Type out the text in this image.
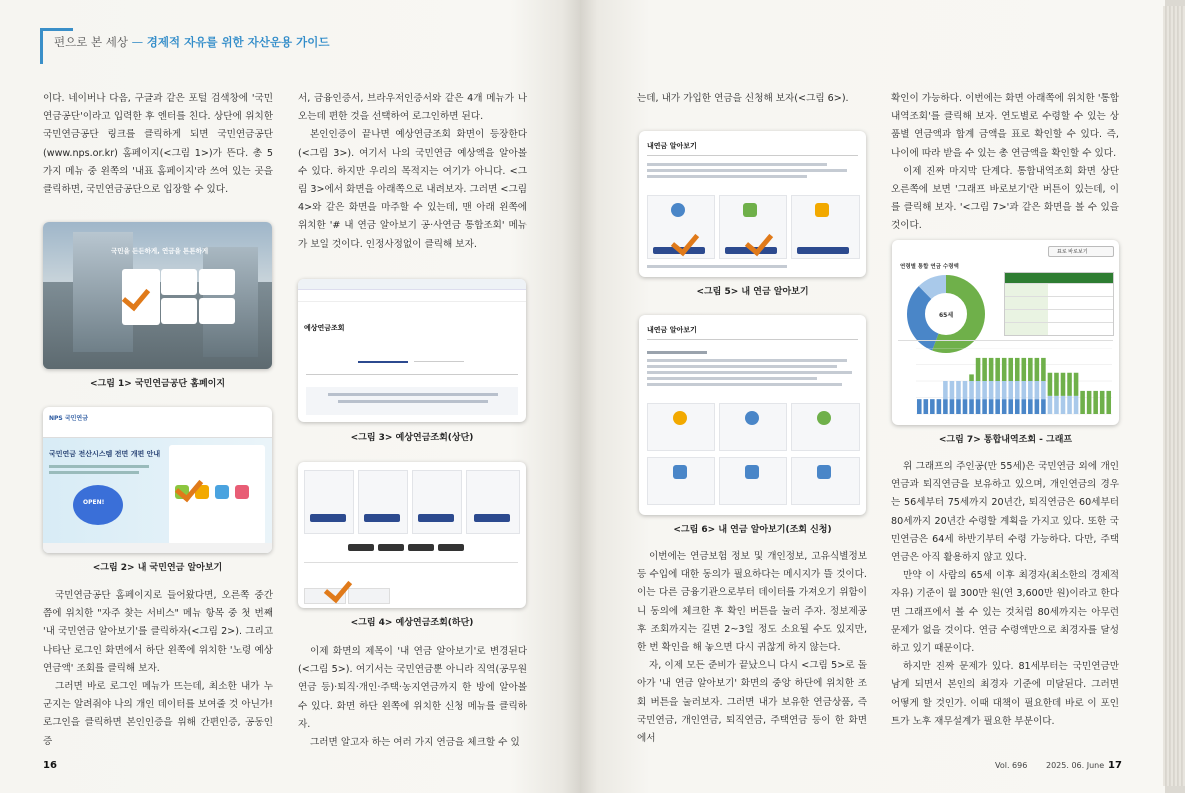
편으로 본 세상 — 경제적 자유를 위한 자산운용 가이드

이다. 네이버나 다음, 구글과 같은 포털 검색창에 '국민연금공단'이라고 입력한 후 엔터를 친다. 상단에 위치한 국민연금공단 링크를 클릭하게 되면 국민연금공단(www.nps.or.kr) 홈페이지(<그림 1>)가 뜬다. 총 5가지 메뉴 중 왼쪽의 '내표 홈페이지'라 쓰여 있는 곳을 클릭하면, 국민연금공단으로 입장할 수 있다.

국민을 든든하게, 연금을 튼튼하게
<그림 1> 국민연금공단 홈페이지
NPS 국민연금
국민연금 전산시스템 전면 개편 안내
OPEN!
<그림 2> 내 국민연금 알아보기

국민연금공단 홈페이지로 들어왔다면, 오른쪽 중간쯤에 위치한 "자주 찾는 서비스" 메뉴 항목 중 첫 번째 '내 국민연금 알아보기'를 클릭하자(<그림 2>). 그리고 나타난 로그인 화면에서 하단 왼쪽에 위치한 '노령 예상연금액' 조회를 클릭해 보자.

그러면 바로 로그인 메뉴가 뜨는데, 최소한 내가 누군지는 알려줘야 나의 개인 데이터를 보여줄 것 아닌가! 로그인을 클릭하면 본인인증을 위해 간편인증, 공동인증

서, 금융인증서, 브라우저인증서와 같은 4개 메뉴가 나오는데 편한 것을 선택하여 로그인하면 된다.

본인인증이 끝나면 예상연금조회 화면이 등장한다(<그림 3>). 여기서 나의 국민연금 예상액을 알아볼 수 있다. 하지만 우리의 목적지는 여기가 아니다. <그림 3>에서 화면을 아래쪽으로 내려보자. 그러면 <그림 4>와 같은 화면을 마주할 수 있는데, 맨 아래 왼쪽에 위치한 '# 내 연금 알아보기 공·사연금 통합조회' 메뉴가 보일 것이다. 인정사정없이 클릭해 보자.

예상연금조회
<그림 3> 예상연금조회(상단)
<그림 4> 예상연금조회(하단)

이제 화면의 제목이 '내 연금 알아보기'로 변경된다(<그림 5>). 여기서는 국민연금뿐 아니라 직역(공무원 연금 등)·퇴직·개인·주택·농지연금까지 한 방에 알아볼 수 있다. 화면 하단 왼쪽에 위치한 신청 메뉴를 클릭하자.

그러면 알고자 하는 여러 가지 연금을 체크할 수 있

16

는데, 내가 가입한 연금을 신청해 보자(<그림 6>).

내연금 알아보기
<그림 5> 내 연금 알아보기
내연금 알아보기
<그림 6> 내 연금 알아보기(조회 신청)

이번에는 연금보험 정보 및 개인정보, 고유식별정보 등 수입에 대한 동의가 필요하다는 메시지가 뜰 것이다. 이는 다른 금융기관으로부터 데이터를 가져오기 위함이니 동의에 체크한 후 확인 버튼을 눌러 주자. 정보제공 후 조회까지는 길면 2~3일 정도 소요될 수도 있지만, 한 번 확인을 해 놓으면 다시 귀찮게 하지 않는다.

자, 이제 모든 준비가 끝났으니 다시 <그림 5>로 돌아가 '내 연금 알아보기' 화면의 중앙 하단에 위치한 조회 버튼을 눌러보자. 그러면 내가 보유한 연금상품, 즉 국민연금, 개인연금, 퇴직연금, 주택연금 등이 한 화면에서

확인이 가능하다. 이번에는 화면 아래쪽에 위치한 '통합내역조회'를 클릭해 보자. 연도별로 수령할 수 있는 상품별 연금액과 합계 금액을 표로 확인할 수 있다. 즉, 나이에 따라 받을 수 있는 총 연금액을 확인할 수 있다.

이제 진짜 마지막 단계다. 통합내역조회 화면 상단 오른쪽에 보면 '그래프 바로보기'란 버튼이 있는데, 이를 클릭해 보자. '<그림 7>'과 같은 화면을 볼 수 있을 것이다.

표로 바로보기
연령별 통합 연금 수령액
65세
<그림 7> 통합내역조회 - 그래프

위 그래프의 주인공(만 55세)은 국민연금 외에 개인연금과 퇴직연금을 보유하고 있으며, 개인연금의 경우는 56세부터 75세까지 20년간, 퇴직연금은 60세부터 80세까지 20년간 수령할 계획을 가지고 있다. 또한 국민연금은 64세 하반기부터 수령 가능하다. 다만, 주택연금은 아직 활용하지 않고 있다.

만약 이 사람의 65세 이후 최경자(최소한의 경제적 자유) 기준이 월 300만 원(연 3,600만 원)이라고 한다면 그래프에서 볼 수 있는 것처럼 80세까지는 아무런 문제가 없을 것이다. 연금 수령액만으로 최경자를 달성하고 있기 때문이다.

하지만 진짜 문제가 있다. 81세부터는 국민연금만 남게 되면서 본인의 최경자 기준에 미달된다. 그러면 어떻게 할 것인가. 이때 대책이 필요한데 바로 이 포인트가 노후 재무설계가 필요한 부분이다.

Vol. 696 2025. 06. June 17
